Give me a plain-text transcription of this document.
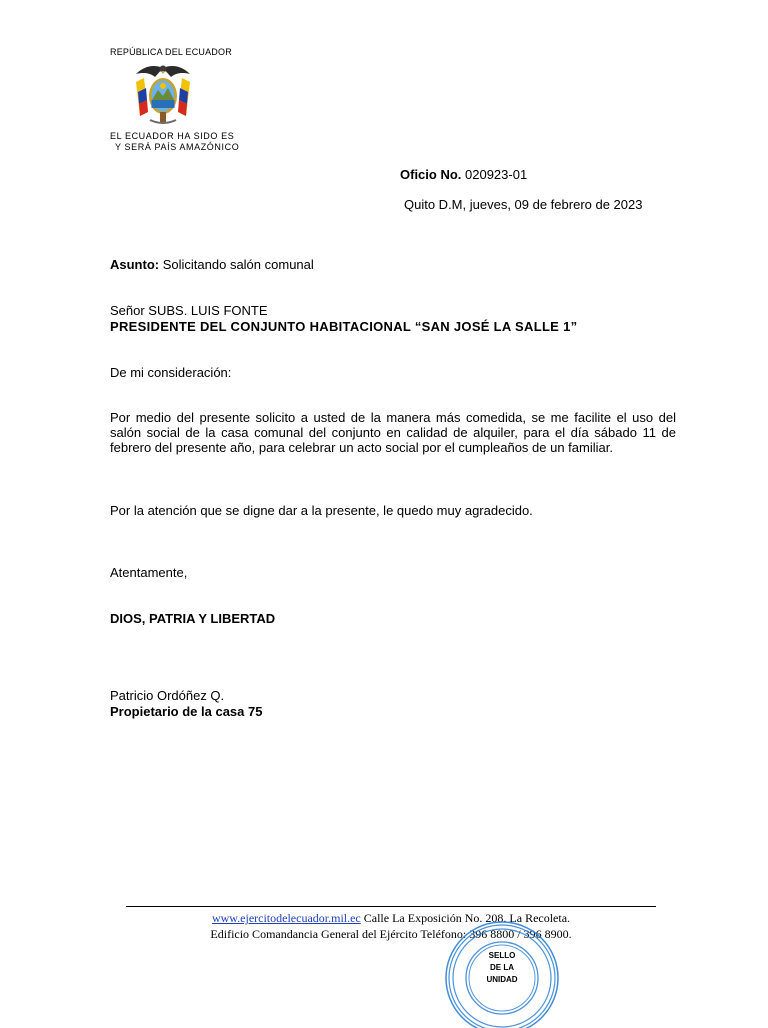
REPÚBLICA DEL ECUADOR
EL ECUADOR HA SIDO ES
Y SERÁ PAÍS AMAZÓNICO
Oficio No. 020923-01
Quito D.M, jueves, 09 de febrero de 2023
Asunto: Solicitando salón comunal
Señor SUBS. LUIS FONTE
PRESIDENTE DEL CONJUNTO HABITACIONAL “SAN JOSÉ LA SALLE 1”
De mi consideración:
Por medio del presente solicito a usted de la manera más comedida, se me facilite el uso del salón social de la casa comunal del conjunto en calidad de alquiler, para el día sábado 11 de febrero del presente año, para celebrar un acto social por el cumpleaños de un familiar.
Por la atención que se digne dar a la presente, le quedo muy agradecido.
Atentamente,
DIOS, PATRIA Y LIBERTAD
Patricio Ordóñez Q.
Propietario de la casa 75
www.ejercitodelecuador.mil.ec Calle La Exposición No. 208. La Recoleta.
Edificio Comandancia General del Ejército Teléfono: 396 8800 / 396 8900.
SELLO
DE LA
UNIDAD
